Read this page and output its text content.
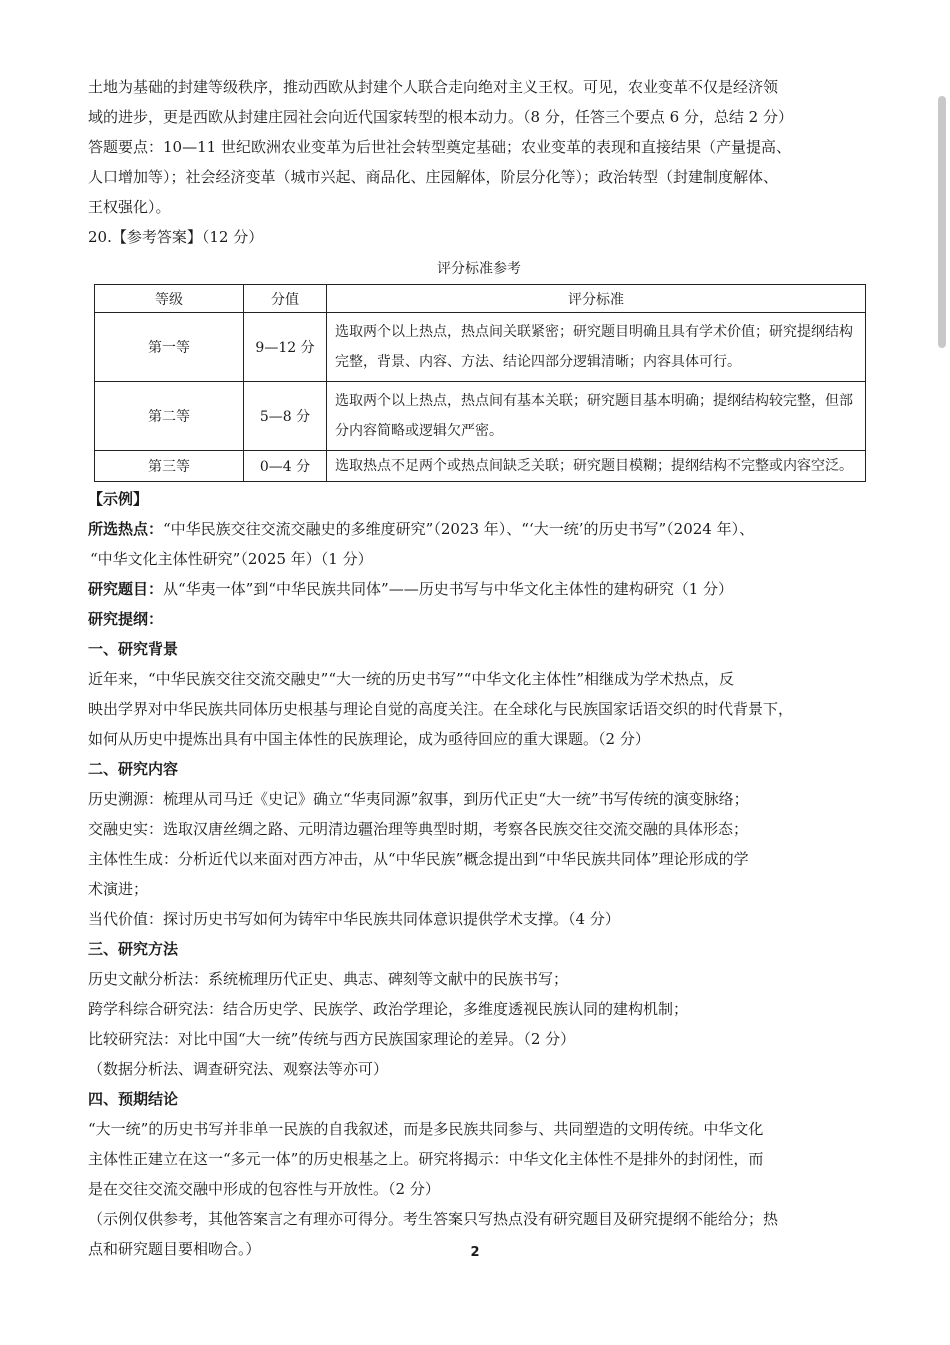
土地为基础的封建等级秩序，推动西欧从封建个人联合走向绝对主义王权。可见，农业变革不仅是经济领

域的进步，更是西欧从封建庄园社会向近代国家转型的根本动力。（8 分，任答三个要点 6 分，总结 2 分）

答题要点：10—11 世纪欧洲农业变革为后世社会转型奠定基础；农业变革的表现和直接结果（产量提高、

人口增加等）；社会经济变革（城市兴起、商品化、庄园解体，阶层分化等）；政治转型（封建制度解体、

王权强化）。

20.【参考答案】（12 分）

评分标准参考

等级	分值	评分标准
第一等	9—12 分	选取两个以上热点，热点间关联紧密；研究题目明确且具有学术价值；研究提纲结构完整，背景、内容、方法、结论四部分逻辑清晰；内容具体可行。
第二等	5—8 分	选取两个以上热点，热点间有基本关联；研究题目基本明确；提纲结构较完整，但部分内容简略或逻辑欠严密。
第三等	0—4 分	选取热点不足两个或热点间缺乏关联；研究题目模糊；提纲结构不完整或内容空泛。

【示例】

所选热点：“中华民族交往交流交融史的多维度研究”（2023 年）、“‘大一统’的历史书写”（2024 年）、

“中华文化主体性研究”（2025 年）（1 分）

研究题目：从“华夷一体”到“中华民族共同体”——历史书写与中华文化主体性的建构研究（1 分）

研究提纲：

一、研究背景

近年来，“中华民族交往交流交融史”“大一统的历史书写”“中华文化主体性”相继成为学术热点，反

映出学界对中华民族共同体历史根基与理论自觉的高度关注。在全球化与民族国家话语交织的时代背景下，

如何从历史中提炼出具有中国主体性的民族理论，成为亟待回应的重大课题。（2 分）

二、研究内容

历史溯源：梳理从司马迁《史记》确立“华夷同源”叙事，到历代正史“大一统”书写传统的演变脉络；

交融史实：选取汉唐丝绸之路、元明清边疆治理等典型时期，考察各民族交往交流交融的具体形态；

主体性生成：分析近代以来面对西方冲击，从“中华民族”概念提出到“中华民族共同体”理论形成的学

术演进；

当代价值：探讨历史书写如何为铸牢中华民族共同体意识提供学术支撑。（4 分）

三、研究方法

历史文献分析法：系统梳理历代正史、典志、碑刻等文献中的民族书写；

跨学科综合研究法：结合历史学、民族学、政治学理论，多维度透视民族认同的建构机制；

比较研究法：对比中国“大一统”传统与西方民族国家理论的差异。（2 分）

（数据分析法、调查研究法、观察法等亦可）

四、预期结论

“大一统”的历史书写并非单一民族的自我叙述，而是多民族共同参与、共同塑造的文明传统。中华文化

主体性正建立在这一“多元一体”的历史根基之上。研究将揭示：中华文化主体性不是排外的封闭性，而

是在交往交流交融中形成的包容性与开放性。（2 分）

（示例仅供参考，其他答案言之有理亦可得分。考生答案只写热点没有研究题目及研究提纲不能给分；热

点和研究题目要相吻合。）	2
